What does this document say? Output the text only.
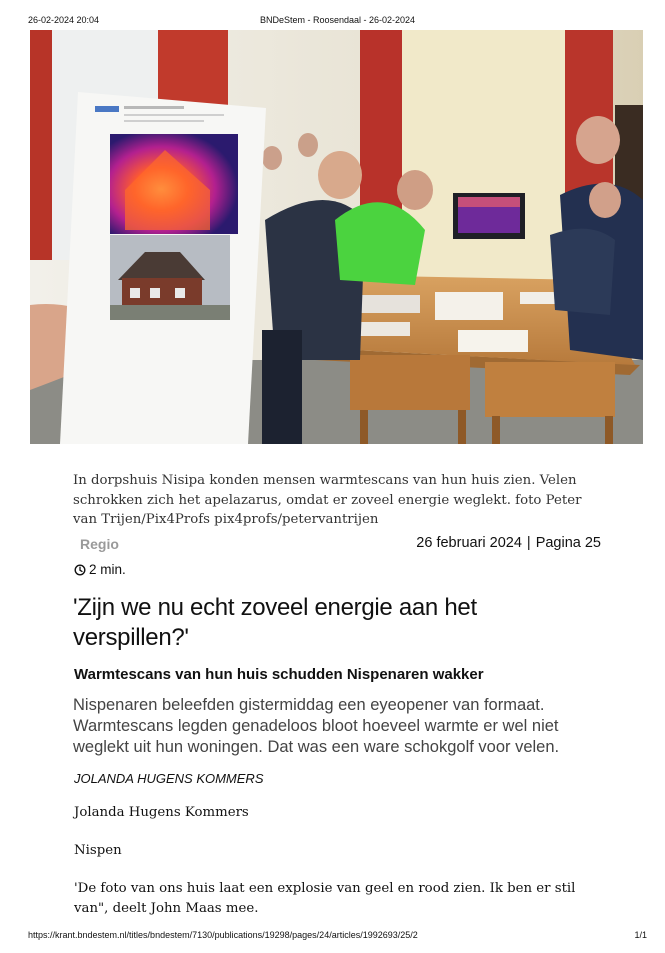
26-02-2024 20:04	BNDeStem - Roosendaal - 26-02-2024

In dorpshuis Nisipa konden mensen warmtescans van hun huis zien. Velen schrokken zich het apelazarus, omdat er zoveel energie weglekt. foto Peter van Trijen/Pix4Profs pix4profs/petervantrijen

Regio	26 februari 2024 | Pagina 25
2 min.
'Zijn we nu echt zoveel energie aan het verspillen?'
Warmtescans van hun huis schudden Nispenaren wakker

Nispenaren beleefden gistermiddag een eyeopener van formaat. Warmtescans legden genadeloos bloot hoeveel warmte er wel niet weglekt uit hun woningen. Dat was een ware schokgolf voor velen.

JOLANDA HUGENS KOMMERS

Jolanda Hugens Kommers

Nispen

'De foto van ons huis laat een explosie van geel en rood zien. Ik ben er stil van", deelt John Maas mee.

https://krant.bndestem.nl/titles/bndestem/7130/publications/19298/pages/24/articles/1992693/25/2	1/1
